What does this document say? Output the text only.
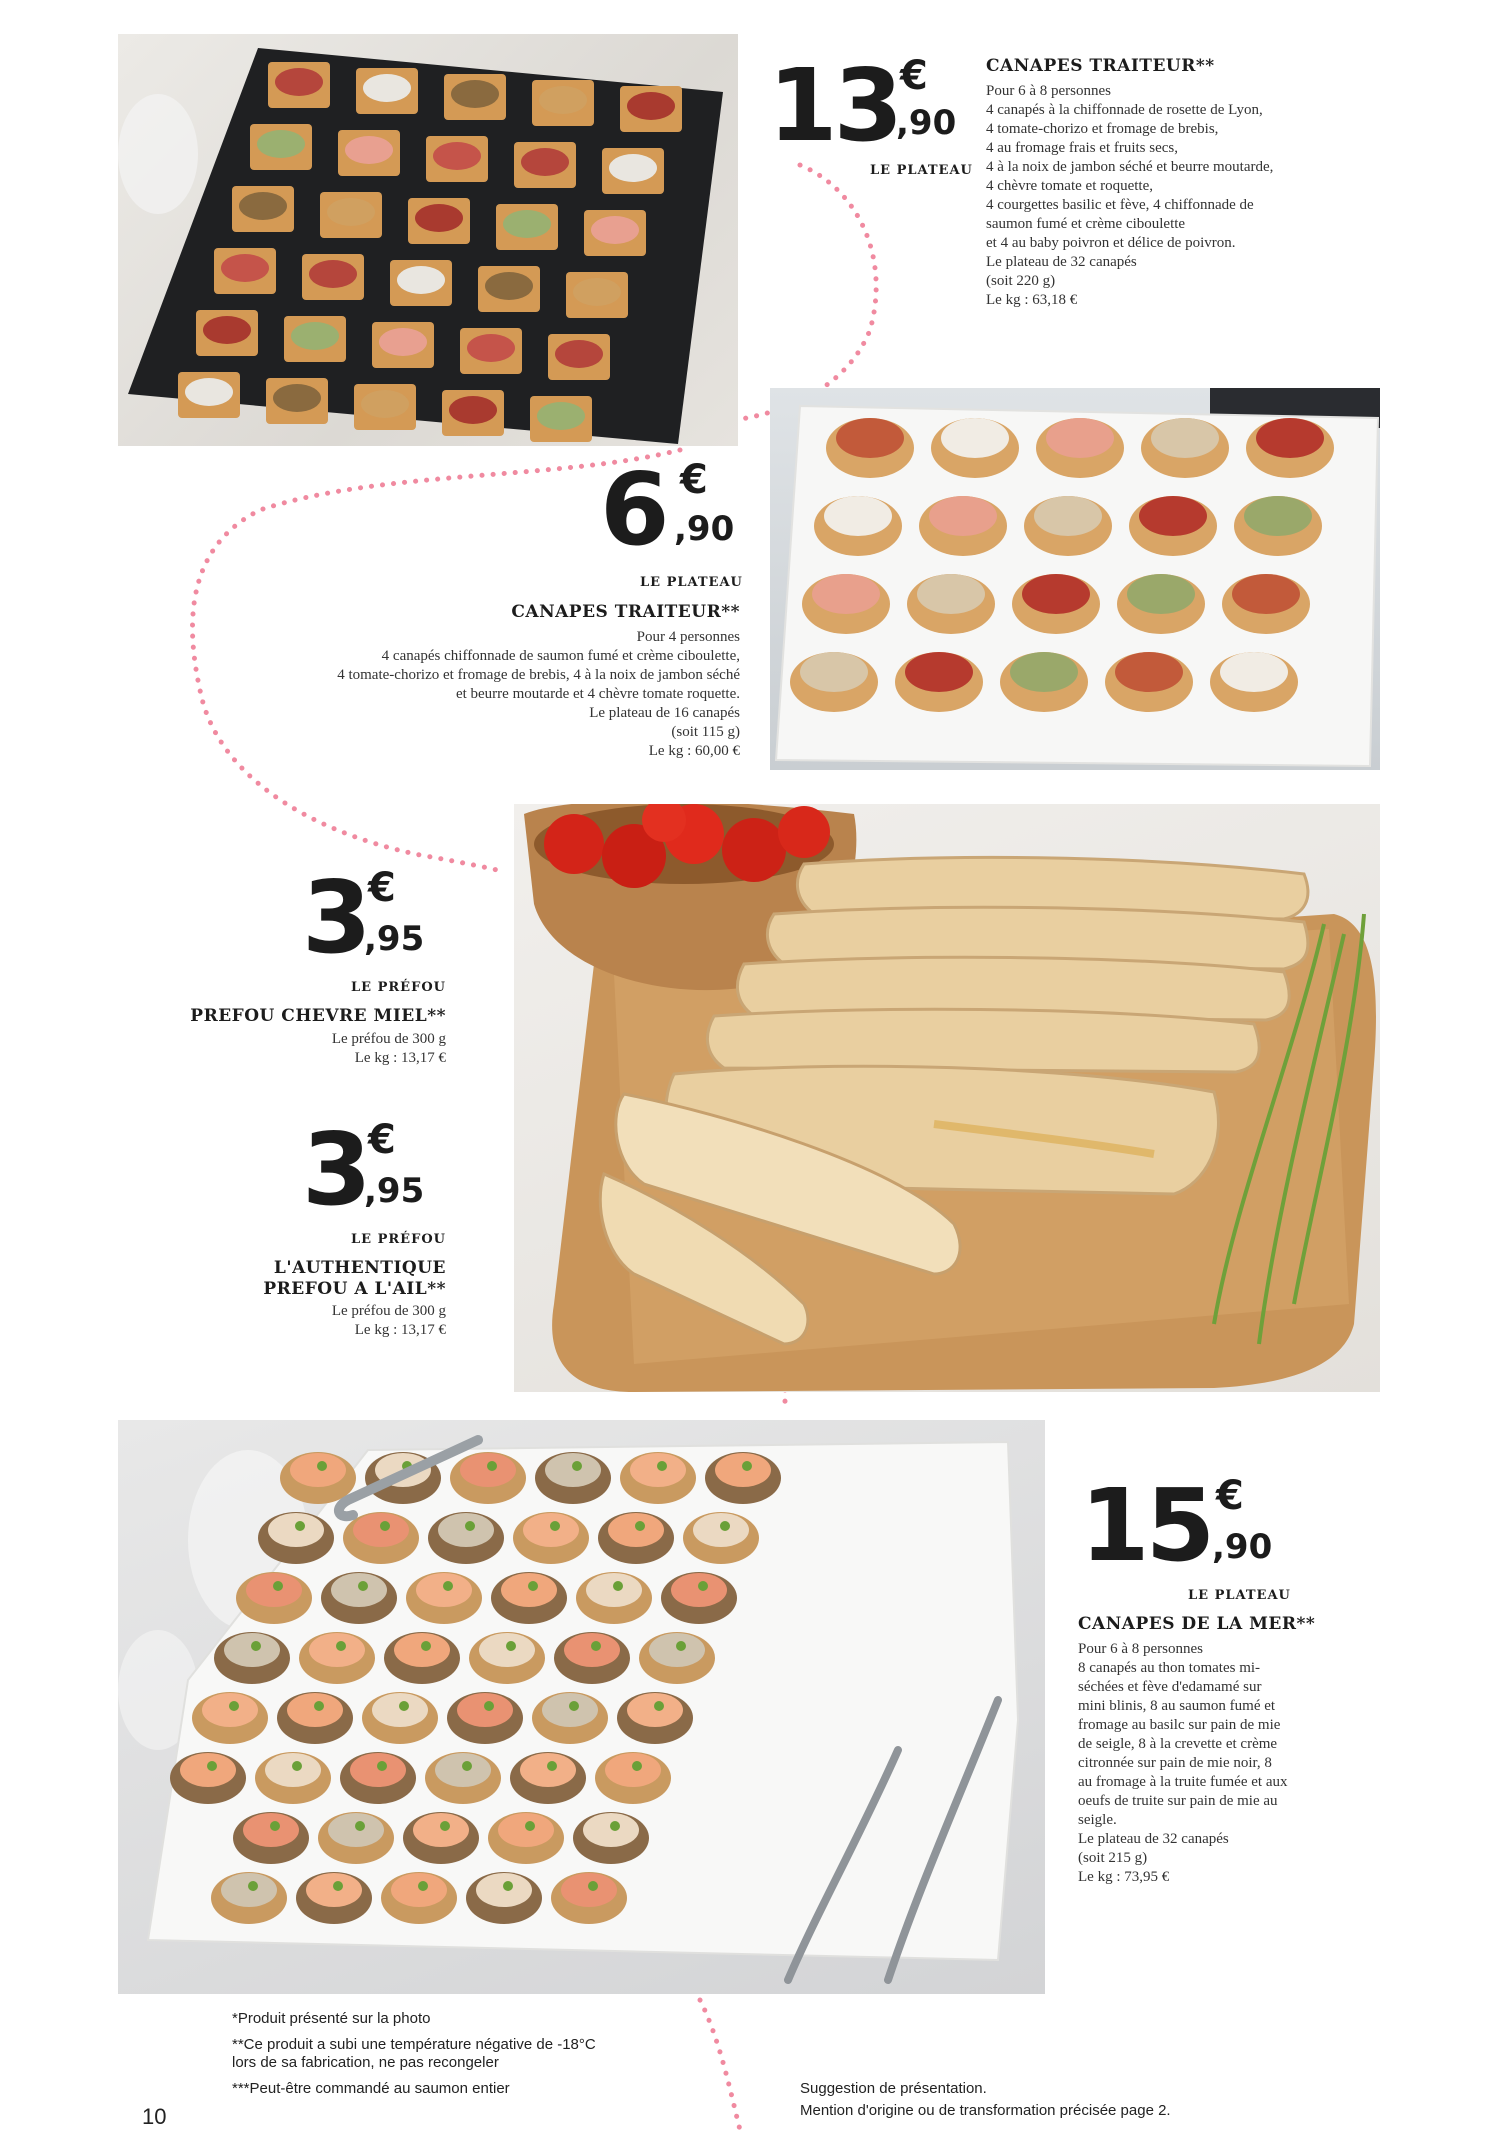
13 €
,90
LE PLATEAU
CANAPES TRAITEUR**
Pour 6 à 8 personnes
4 canapés à la chiffonnade de rosette de Lyon,
4 tomate-chorizo et fromage de brebis,
4 au fromage frais et fruits secs,
4 à la noix de jambon séché et beurre moutarde,
4 chèvre tomate et roquette,
4 courgettes basilic et fève, 4 chiffonnade de
saumon fumé et crème ciboulette
et 4 au baby poivron et délice de poivron.
Le plateau de 32 canapés
(soit 220 g)
Le kg : 63,18 €
6 €
,90
LE PLATEAU
CANAPES TRAITEUR**
Pour 4 personnes
4 canapés chiffonnade de saumon fumé et crème ciboulette,
4 tomate-chorizo et fromage de brebis, 4 à la noix de jambon séché
et beurre moutarde et 4 chèvre tomate roquette.
Le plateau de 16 canapés
(soit 115 g)
Le kg : 60,00 €
3 €
,95
LE PRÉFOU
PREFOU CHEVRE MIEL**
Le préfou de 300 g
Le kg : 13,17 €
3 €
,95
LE PRÉFOU
L'AUTHENTIQUE
PREFOU A L'AIL**
Le préfou de 300 g
Le kg : 13,17 €
15 €
,90
LE PLATEAU
CANAPES DE LA MER**
Pour 6 à 8 personnes
8 canapés au thon tomates mi-
séchées et fève d'edamamé sur
mini blinis, 8 au saumon fumé et
fromage au basilc sur pain de mie
de seigle, 8 à la crevette et crème
citronnée sur pain de mie noir, 8
au fromage à la truite fumée et aux
oeufs de truite sur pain de mie au
seigle.
Le plateau de 32 canapés
(soit 215 g)
Le kg : 73,95 €
10
*Produit présenté sur la photo
**Ce produit a subi une température négative de -18°C
lors de sa fabrication, ne pas recongeler
***Peut-être commandé au saumon entier	Suggestion de présentation.
Mention d'origine ou de transformation précisée page 2.
